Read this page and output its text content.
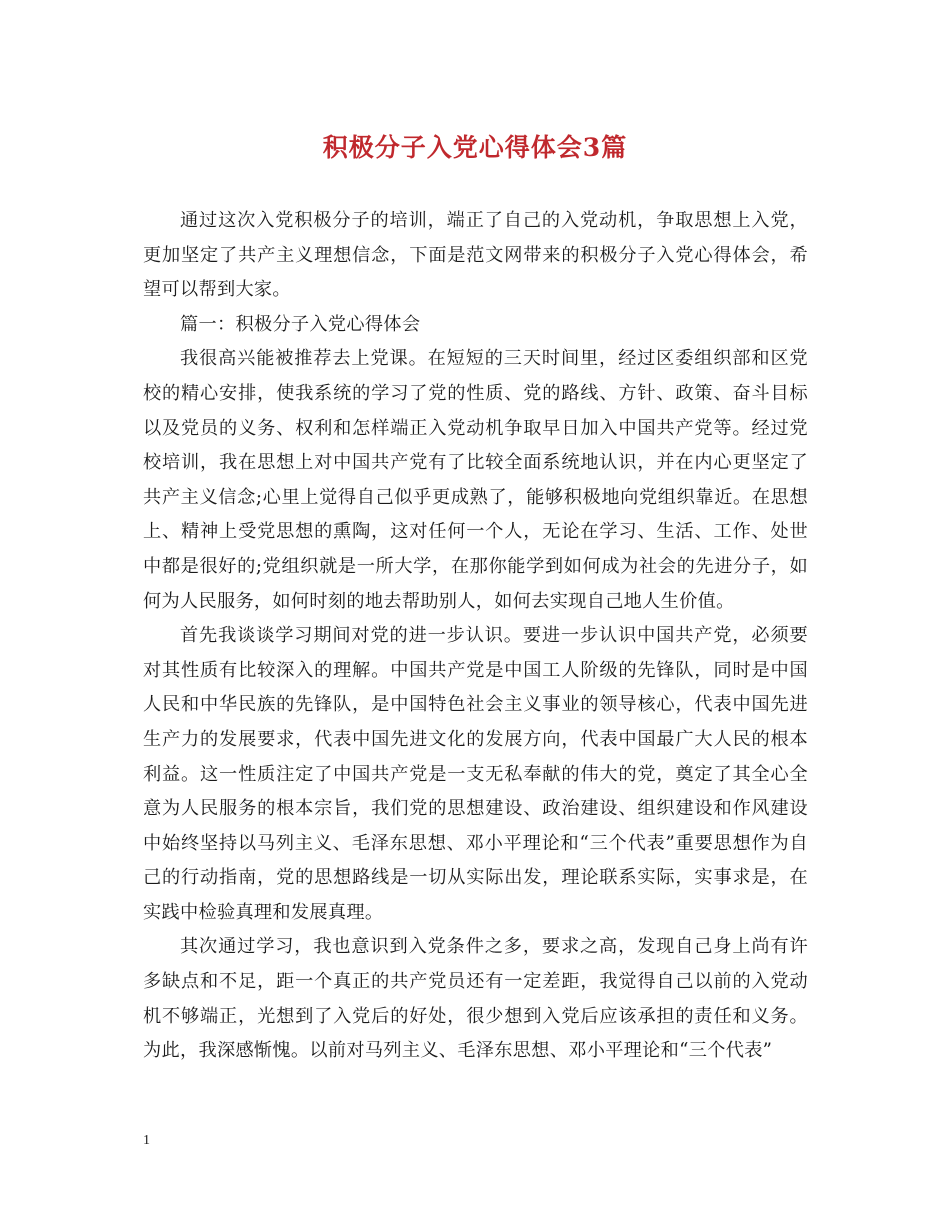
积极分子入党心得体会3篇

通过这次入党积极分子的培训，端正了自己的入党动机，争取思想上入党，更加坚定了共产主义理想信念，下面是范文网带来的积极分子入党心得体会，希望可以帮到大家。

篇一：积极分子入党心得体会

我很高兴能被推荐去上党课。在短短的三天时间里，经过区委组织部和区党校的精心安排，使我系统的学习了党的性质、党的路线、方针、政策、奋斗目标以及党员的义务、权利和怎样端正入党动机争取早日加入中国共产党等。经过党校培训，我在思想上对中国共产党有了比较全面系统地认识，并在内心更坚定了共产主义信念;心里上觉得自己似乎更成熟了，能够积极地向党组织靠近。在思想上、精神上受党思想的熏陶，这对任何一个人，无论在学习、生活、工作、处世中都是很好的;党组织就是一所大学，在那你能学到如何成为社会的先进分子，如何为人民服务，如何时刻的地去帮助别人，如何去实现自己地人生价值。

首先我谈谈学习期间对党的进一步认识。要进一步认识中国共产党，必须要对其性质有比较深入的理解。中国共产党是中国工人阶级的先锋队，同时是中国人民和中华民族的先锋队，是中国特色社会主义事业的领导核心，代表中国先进生产力的发展要求，代表中国先进文化的发展方向，代表中国最广大人民的根本利益。这一性质注定了中国共产党是一支无私奉献的伟大的党，奠定了其全心全意为人民服务的根本宗旨，我们党的思想建设、政治建设、组织建设和作风建设中始终坚持以马列主义、毛泽东思想、邓小平理论和“三个代表”重要思想作为自己的行动指南，党的思想路线是一切从实际出发，理论联系实际，实事求是，在实践中检验真理和发展真理。

其次通过学习，我也意识到入党条件之多，要求之高，发现自己身上尚有许多缺点和不足，距一个真正的共产党员还有一定差距，我觉得自己以前的入党动机不够端正，光想到了入党后的好处，很少想到入党后应该承担的责任和义务。为此，我深感惭愧。以前对马列主义、毛泽东思想、邓小平理论和“三个代表”

1
